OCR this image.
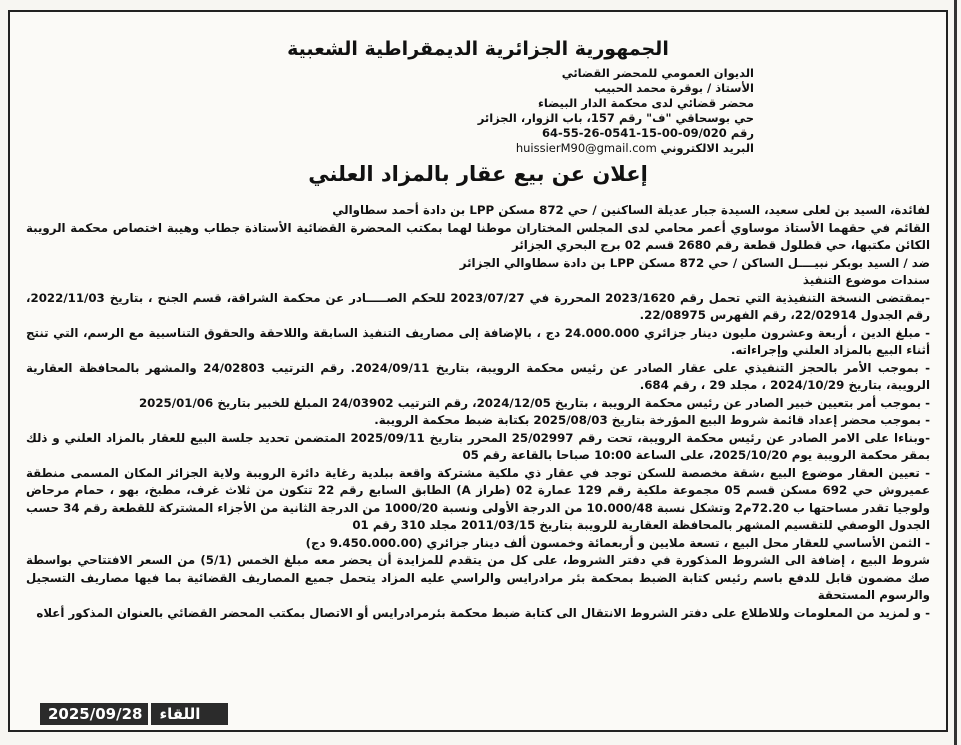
الجمهورية الجزائرية الديمقراطية الشعبية
الديوان العمومي للمحضر القضائي
الأستاذ / بوقرة محمد الحبيب
محضر قضائي لدى محكمة الدار البيضاء
حي بوسحاقي "ف" رقم 157، باب الزوار، الجزائر
رقم 64-55-26-0541-15-00-09/020
البريد الالكتروني huissierM90@gmail.com
إعلان عن بيع عقار بالمزاد العلني

لفائدة، السيد بن لعلى سعيد، السيدة جبار عديلة الساكنين / حي 872 مسكن LPP بن دادة أحمد سطاوالي

القائم في حقهما الأستاذ موساوي أعمر محامي لدى المجلس المختاران موطنا لهما بمكتب المحضرة القضائية الأستاذة جطاب وهيبة اختصاص محكمة الرويبة الكائن مكتبها، حي قطلول قطعة رقم 2680 قسم 02 برج البحري الجزائر

ضد / السيد بوبكر نبيــــل الساكن / حي 872 مسكن LPP بن دادة سطاوالي الجزائر

سندات موضوع التنفيذ

-بمقتضى النسخة التنفيذية التي تحمل رقم 2023/1620 المحررة في 2023/07/27 للحكم الصـــــادر عن محكمة الشراقة، قسم الجنح ، بتاريخ 2022/11/03، رقم الجدول 22/02914، رقم الفهرس 22/08975.

- مبلغ الدين ، أربعة وعشرون مليون دينار جزائري 24.000.000 دج ، بالإضافة إلى مصاريف التنفيذ السابقة واللاحقة والحقوق التناسبية مع الرسم، التي تنتج أثناء البيع بالمزاد العلني وإجراءاته.

- بموجب الأمر بالحجز التنفيذي على عقار الصادر عن رئيس محكمة الرويبة، بتاريخ 2024/09/11. رقم الترتيب 24/02803 والمشهر بالمحافظة العقارية الرويبة، بتاريخ 2024/10/29 ، مجلد 29 ، رقم 684.

- بموجب أمر بتعيين خبير الصادر عن رئيس محكمة الرويبة ، بتاريخ 2024/12/05، رقم الترتيب 24/03902 المبلغ للخبير بتاريخ 2025/01/06

- بموجب محضر إعداد قائمة شروط البيع المؤرخة بتاريخ 2025/08/03 بكتابة ضبط محكمة الرويبة.

-وبناءا على الامر الصادر عن رئيس محكمة الرويبة، تحت رقم 25/02997 المحرر بتاريخ 2025/09/11 المتضمن تحديد جلسة البيع للعقار بالمزاد العلني و ذلك بمقر محكمة الرويبة يوم 2025/10/20، على الساعة 10:00 صباحا بالقاعة رقم 05

- تعيين العقار موضوع البيع ،شقة مخصصة للسكن توجد في عقار ذي ملكية مشتركة واقعة ببلدية رغاية دائرة الرويبة ولاية الجزائر المكان المسمى منطقة عميروش حي 692 مسكن قسم 05 مجموعة ملكية رقم 129 عمارة 02 (طراز A) الطابق السابع رقم 22 تتكون من ثلاث غرف، مطبخ، بهو ، حمام مرحاض ولوجيا تقدر مساحتها ب 72.20م2 وتشكل نسبة 10.000/48 من الدرجة الأولى ونسبة 1000/20 من الدرجة الثانية من الأجزاء المشتركة للقطعة رقم 34 حسب الجدول الوصفي للتقسيم المشهر بالمحافظة العقارية للرويبة بتاريخ 2011/03/15 مجلد 310 رقم 01

- الثمن الأساسي للعقار محل البيع ، تسعة ملايين و أربعمائة وخمسون ألف دينار جزائري (9.450.000.00 دج)

شروط البيع ، إضافة الى الشروط المذكورة في دفتر الشروط، على كل من يتقدم للمزايدة أن يحضر معه مبلغ الخمس (5/1) من السعر الافتتاحي بواسطة صك مضمون قابل للدفع باسم رئيس كتابة الضبط بمحكمة بئر مرادرايس والراسي عليه المزاد يتحمل جميع المصاريف القضائية بما فيها مصاريف التسجيل والرسوم المستحقة

- و لمزيد من المعلومات وللاطلاع على دفتر الشروط الانتقال الى كتابة ضبط محكمة بئرمرادرايس أو الاتصال بمكتب المحضر القضائي بالعنوان المذكور أعلاه

2025/09/28	اللقاء
